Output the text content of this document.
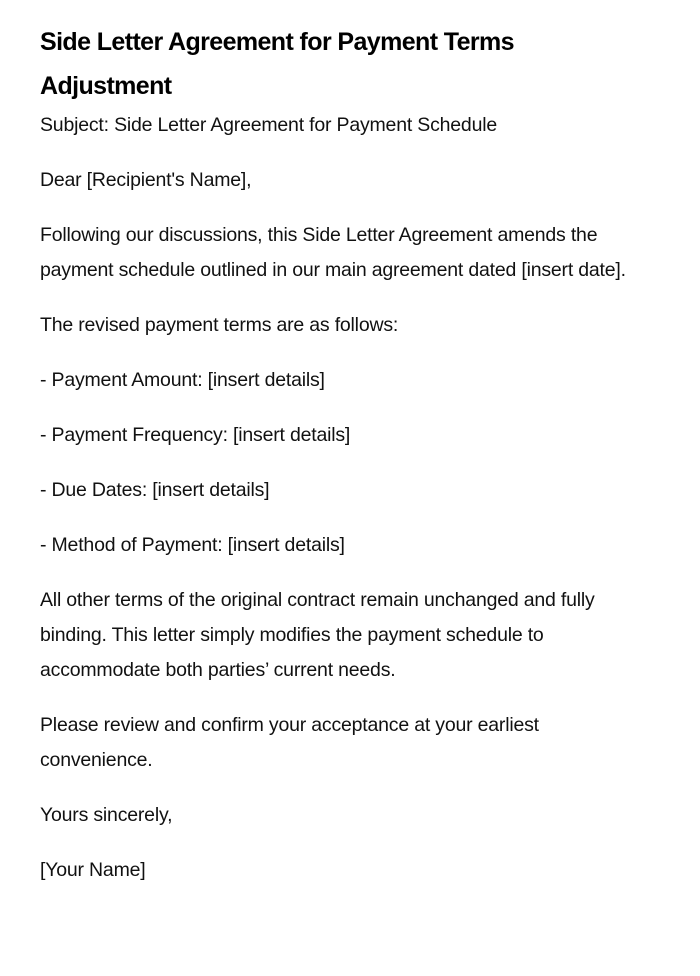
Side Letter Agreement for Payment Terms Adjustment

Subject: Side Letter Agreement for Payment Schedule

Dear [Recipient's Name],

Following our discussions, this Side Letter Agreement amends the payment schedule outlined in our main agreement dated [insert date].

The revised payment terms are as follows:

- Payment Amount: [insert details]

- Payment Frequency: [insert details]

- Due Dates: [insert details]

- Method of Payment: [insert details]

All other terms of the original contract remain unchanged and fully binding. This letter simply modifies the payment schedule to accommodate both parties’ current needs.

Please review and confirm your acceptance at your earliest convenience.

Yours sincerely,

[Your Name]
